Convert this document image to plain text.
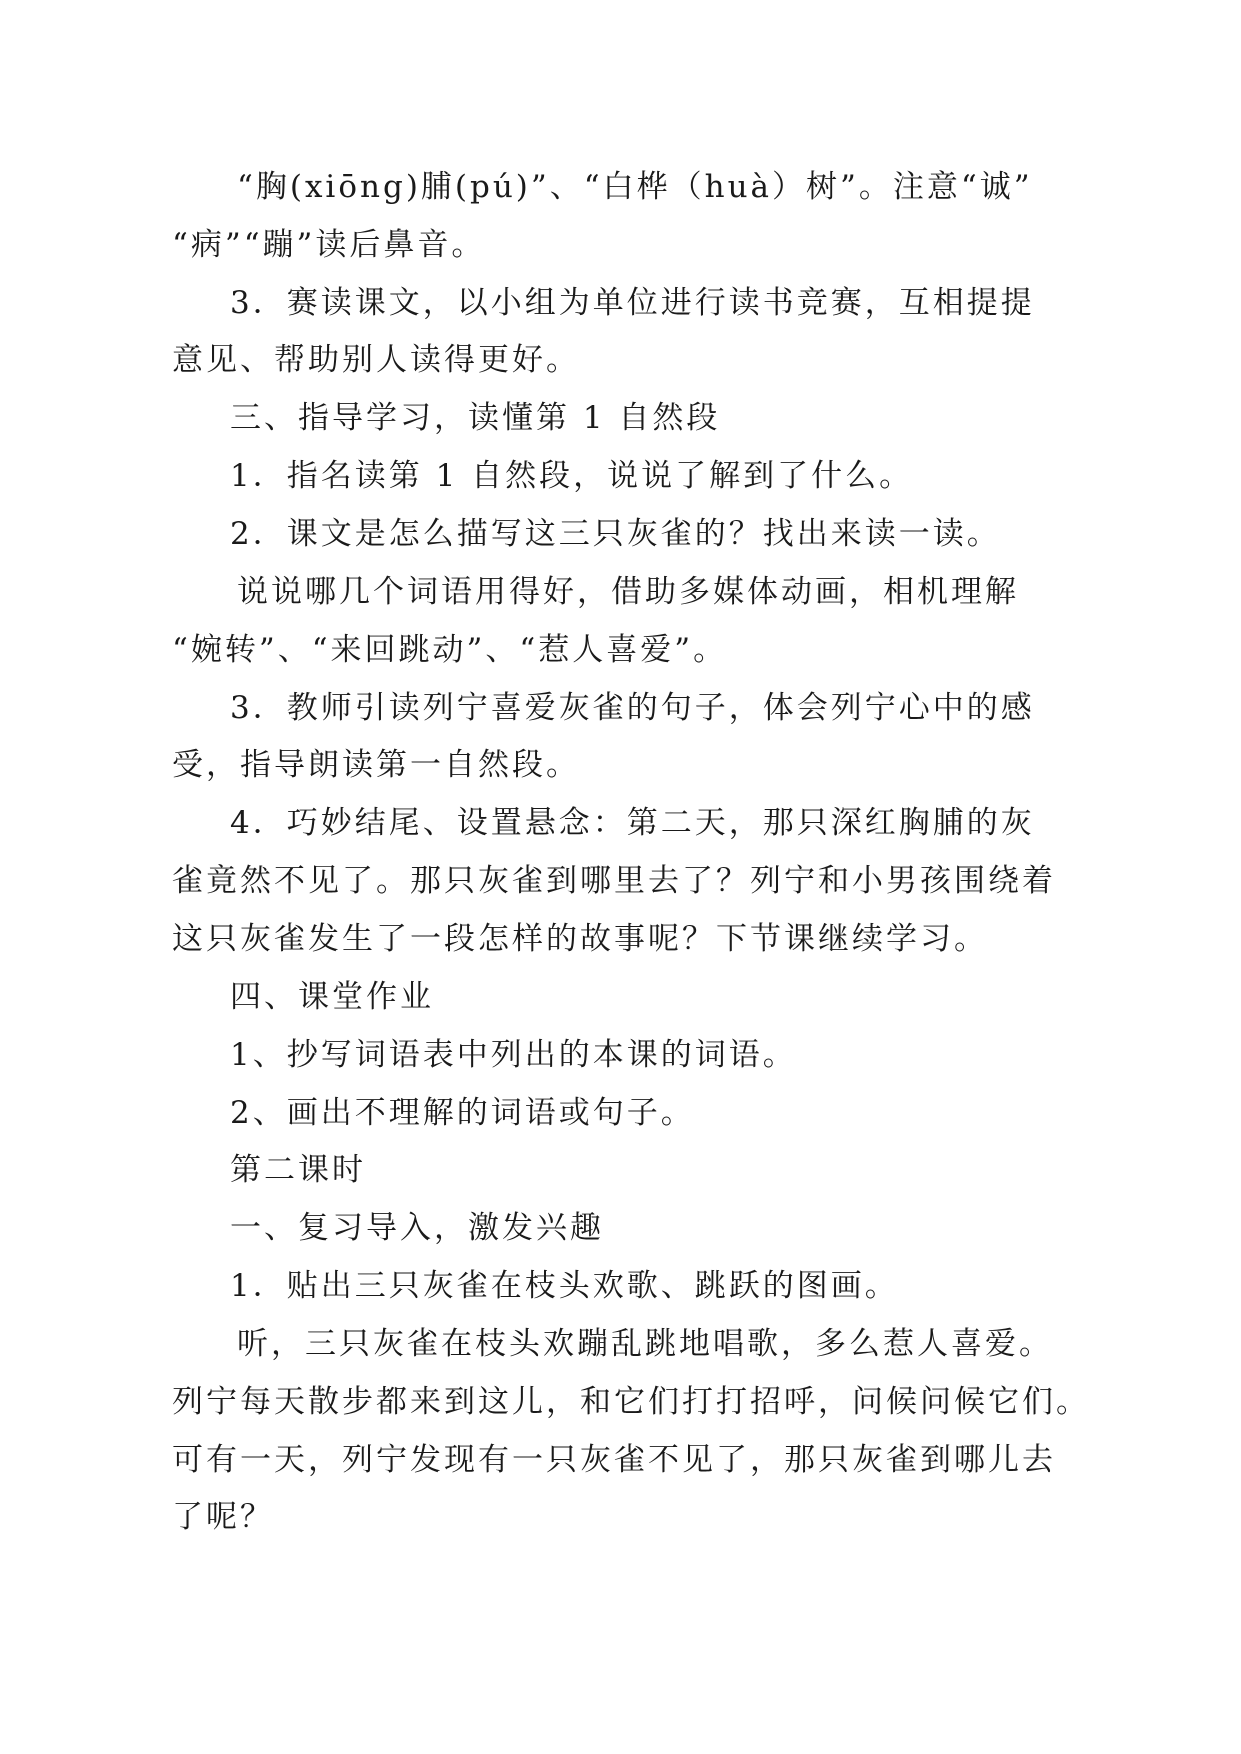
“胸(xiōng)脯(pú)”、“白桦（huà）树”。注意“诚”
“病”“蹦”读后鼻音。
3．赛读课文，以小组为单位进行读书竞赛，互相提提
意见、帮助别人读得更好。
三、指导学习，读懂第 1 自然段
1．指名读第 1 自然段，说说了解到了什么。
2．课文是怎么描写这三只灰雀的？找出来读一读。
说说哪几个词语用得好，借助多媒体动画，相机理解
“婉转”、“来回跳动”、“惹人喜爱”。
3．教师引读列宁喜爱灰雀的句子，体会列宁心中的感
受，指导朗读第一自然段。
4．巧妙结尾、设置悬念：第二天，那只深红胸脯的灰
雀竟然不见了。那只灰雀到哪里去了？列宁和小男孩围绕着
这只灰雀发生了一段怎样的故事呢？下节课继续学习。
四、课堂作业
1、抄写词语表中列出的本课的词语。
2、画出不理解的词语或句子。
第二课时
一、复习导入，激发兴趣
1．贴出三只灰雀在枝头欢歌、跳跃的图画。
听，三只灰雀在枝头欢蹦乱跳地唱歌，多么惹人喜爱。
列宁每天散步都来到这儿，和它们打打招呼，问候问候它们。
可有一天，列宁发现有一只灰雀不见了，那只灰雀到哪儿去
了呢？
